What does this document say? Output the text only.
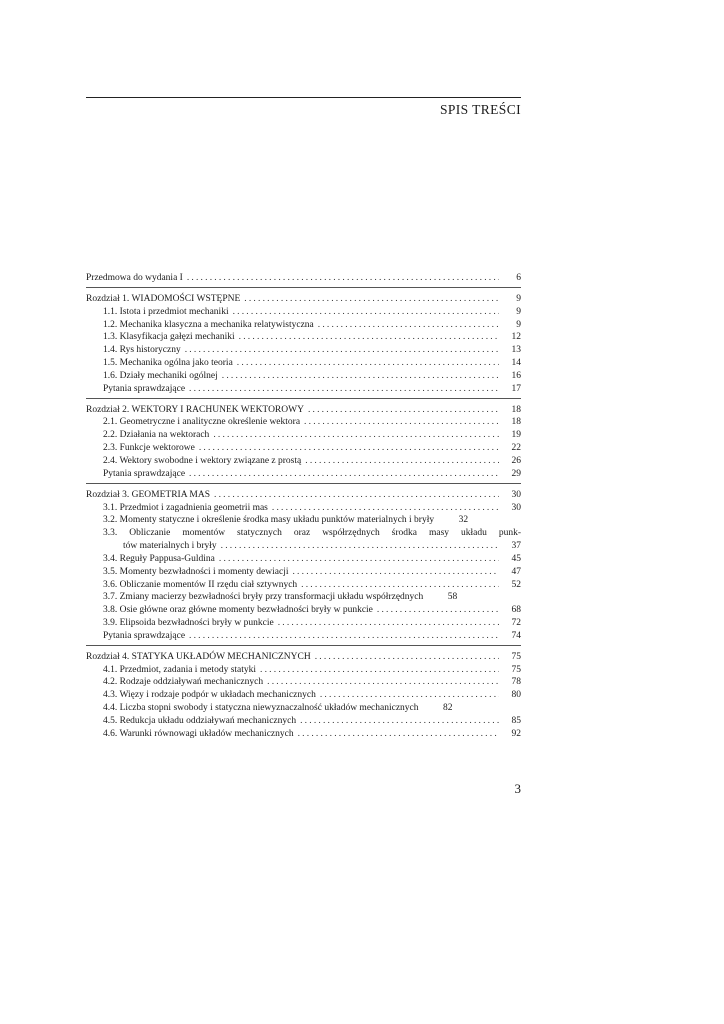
SPIS TREŚCI
Przedmowa do wydania I .....	6
Rozdział 1. WIADOMOŚCI WSTĘPNE .....	9
1.1. Istota i przedmiot mechaniki .....	9
1.2. Mechanika klasyczna a mechanika relatywistyczna .....	9
1.3. Klasyfikacja gałęzi mechaniki .....	12
1.4. Rys historyczny .....	13
1.5. Mechanika ogólna jako teoria .....	14
1.6. Działy mechaniki ogólnej .....	16
Pytania sprawdzające .....	17
Rozdział 2. WEKTORY I RACHUNEK WEKTOROWY .....	18
2.1. Geometryczne i analityczne określenie wektora .....	18
2.2. Działania na wektorach .....	19
2.3. Funkcje wektorowe .....	22
2.4. Wektory swobodne i wektory związane z prostą .....	26
Pytania sprawdzające .....	29
Rozdział 3. GEOMETRIA MAS .....	30
3.1. Przedmiot i zagadnienia geometrii mas .....	30
3.2. Momenty statyczne i określenie środka masy układu punktów materialnych i bryły	32
3.3. Obliczanie momentów statycznych oraz współrzędnych środka masy układu punk-
tów materialnych i bryły .....	37
3.4. Reguły Pappusa-Guldina .....	45
3.5. Momenty bezwładności i momenty dewiacji .....	47
3.6. Obliczanie momentów II rzędu ciał sztywnych .....	52
3.7. Zmiany macierzy bezwładności bryły przy transformacji układu współrzędnych	58
3.8. Osie główne oraz główne momenty bezwładności bryły w punkcie .....	68
3.9. Elipsoida bezwładności bryły w punkcie .....	72
Pytania sprawdzające .....	74
Rozdział 4. STATYKA UKŁADÓW MECHANICZNYCH .....	75
4.1. Przedmiot, zadania i metody statyki .....	75
4.2. Rodzaje oddziaływań mechanicznych .....	78
4.3. Więzy i rodzaje podpór w układach mechanicznych .....	80
4.4. Liczba stopni swobody i statyczna niewyznaczalność układów mechanicznych	82
4.5. Redukcja układu oddziaływań mechanicznych .....	85
4.6. Warunki równowagi układów mechanicznych .....	92
3
